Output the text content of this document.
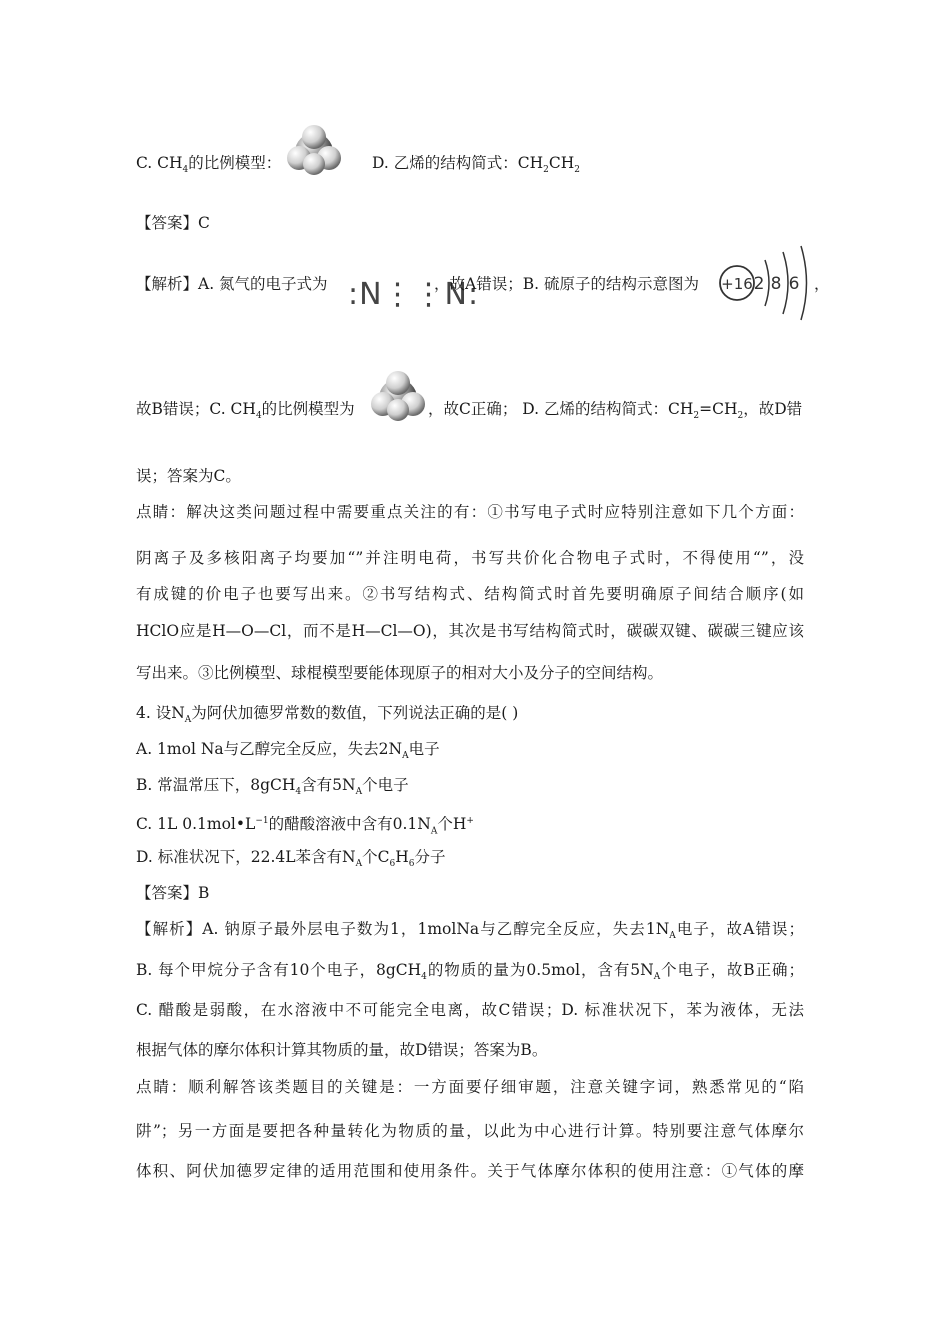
C. $CH_4$的比例模型：	D. 乙烯的结构简式：$CH_2CH_2$
【答案】C
【解析】A. 氮气的电子式为 :N⋮⋮N:
，故A错误；B. 硫原子的结构示意图为 +16 2 8 6 ，
故B错误；C. $CH_4$的比例模型为	，故C正确； D. 乙烯的结构简式：$CH_2=CH_2$，故D错
误；答案为C。
点睛：解决这类问题过程中需要重点关注的有：①书写电子式时应特别注意如下几个方面：
阴离子及多核阳离子均要加“”并注明电荷，书写共价化合物电子式时，不得使用“”，没
有成键的价电子也要写出来。②书写结构式、结构简式时首先要明确原子间结合顺序(如
HClO应是H—O—Cl，而不是H—Cl—O)，其次是书写结构简式时，碳碳双键、碳碳三键应该
写出来。③比例模型、球棍模型要能体现原子的相对大小及分子的空间结构。
4. 设$N_A$为阿伏加德罗常数的数值，下列说法正确的是( )
A. 1mol Na与乙醇完全反应，失去$2N_A$电子
B. 常温常压下，8gCH$_4$含有$5N_A$个电子
C. 1L $0.1mol•L^{-1}$的醋酸溶液中含有$0.1N_A$个H+
D. 标准状况下，22.4L苯含有$N_A$个$C_6H_6$分子
【答案】B
【解析】A. 钠原子最外层电子数为1，1molNa与乙醇完全反应，失去$1N_A$电子，故A错误；
B. 每个甲烷分子含有10个电子，8gCH$_4$的物质的量为0.5mol，含有$5N_A$个电子，故B正确；
C. 醋酸是弱酸，在水溶液中不可能完全电离，故C错误；D. 标准状况下，苯为液体，无法
根据气体的摩尔体积计算其物质的量，故D错误；答案为B。
点睛：顺利解答该类题目的关键是：一方面要仔细审题，注意关键字词，熟悉常见的“陷
阱”；另一方面是要把各种量转化为物质的量，以此为中心进行计算。特别要注意气体摩尔
体积、阿伏加德罗定律的适用范围和使用条件。关于气体摩尔体积的使用注意：①气体的摩
